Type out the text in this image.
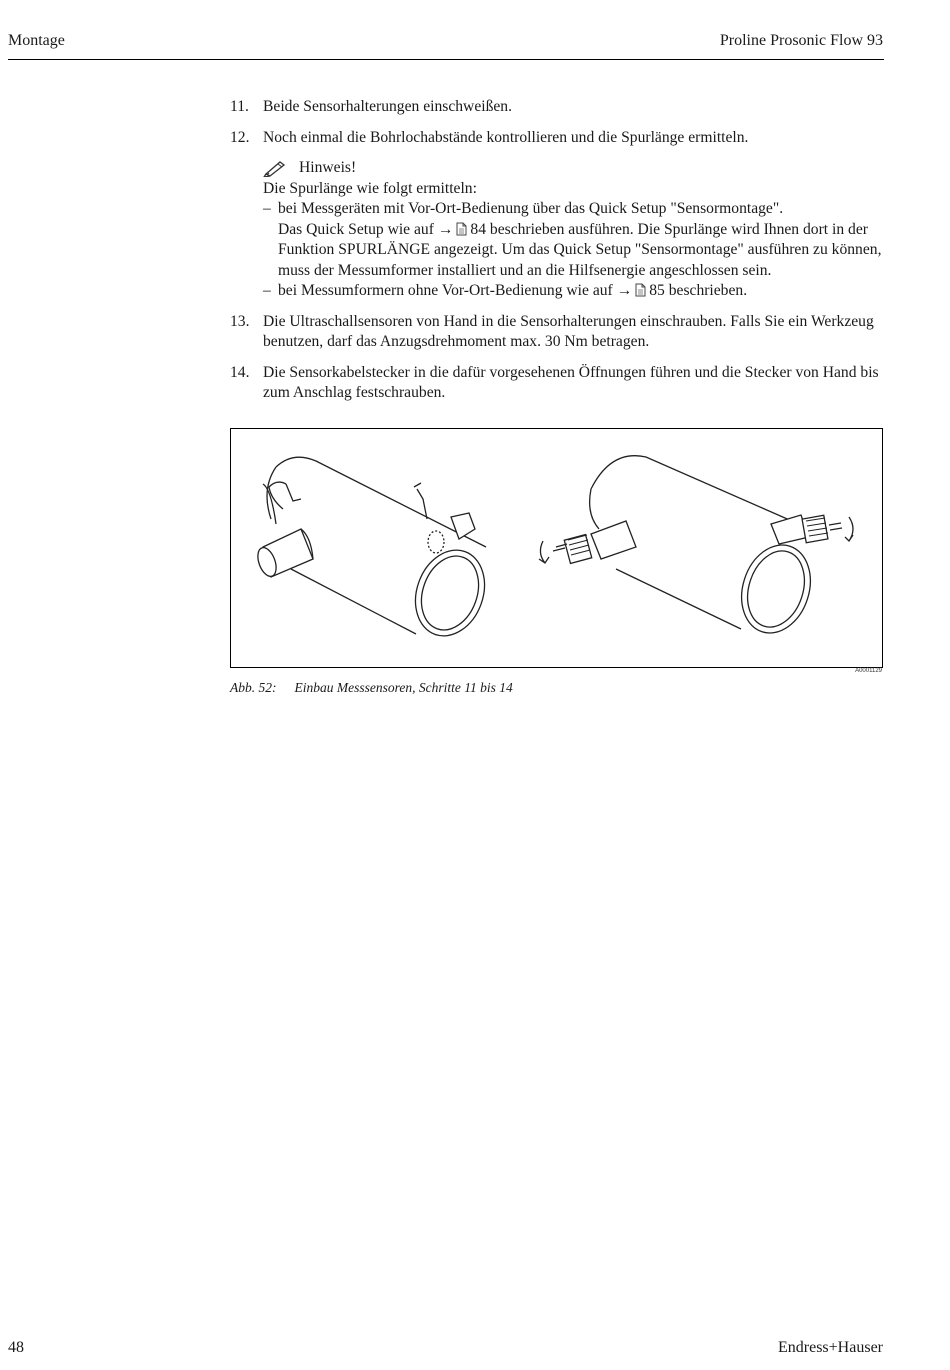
Montage	Proline Prosonic Flow 93
11. Beide Sensorhalterungen einschweißen.
12. Noch einmal die Bohrlochabstände kontrollieren und die Spurlänge ermitteln.
Hinweis!
Die Spurlänge wie folgt ermitteln:
– bei Messgeräten mit Vor-Ort-Bedienung über das Quick Setup "Sensormontage".
Das Quick Setup wie auf → 84 beschrieben ausführen. Die Spurlänge wird Ihnen dort in der Funktion SPURLÄNGE angezeigt. Um das Quick Setup "Sensormontage" ausführen zu können, muss der Messumformer installiert und an die Hilfsenergie angeschlossen sein.
– bei Messumformern ohne Vor-Ort-Bedienung wie auf → 85 beschrieben.
13. Die Ultraschallsensoren von Hand in die Sensorhalterungen einschrauben. Falls Sie ein Werkzeug benutzen, darf das Anzugsdrehmoment max. 30 Nm betragen.
14. Die Sensorkabelstecker in die dafür vorgesehenen Öffnungen führen und die Stecker von Hand bis zum Anschlag festschrauben.
A0001129
Abb. 52: Einbau Messsensoren, Schritte 11 bis 14
48	Endress+Hauser
